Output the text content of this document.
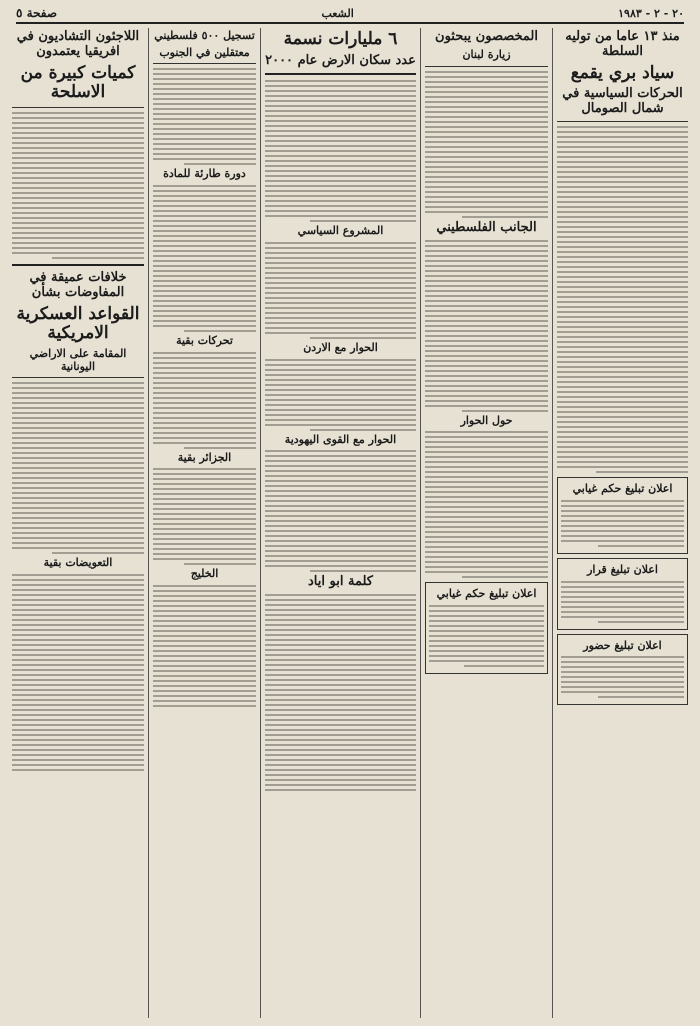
٢٠ - ٢ - ١٩٨٣
الشعب
صفحة ٥
منذ ١٣ عاما من توليه السلطة
سياد بري يقمع
الحركات السياسية في شمال الصومال
اعلان تبليغ حكم غيابي
اعلان تبليغ قرار
اعلان تبليغ حضور
المخصصون يبحثون
زيارة لبنان
الجانب الفلسطيني
حول الحوار
اعلان تبليغ حكم غيابي
٦ مليارات نسمة
عدد سكان الارض عام ٢٠٠٠
المشروع السياسي
الحوار مع الاردن
الحوار مع القوى اليهودية
كلمة ابو اياد
تسجيل ٥٠٠ فلسطيني
معتقلين في الجنوب
دورة طارئة للمادة
تحركات بقية
الجزائر بقية
الخليج
اللاجئون التشاديون في افريقيا يعتمدون
كميات كبيرة من الاسلحة
خلافات عميقة في المفاوضات بشأن
القواعد العسكرية الامريكية
المقامة على الاراضي اليونانية
التعويضات بقية
